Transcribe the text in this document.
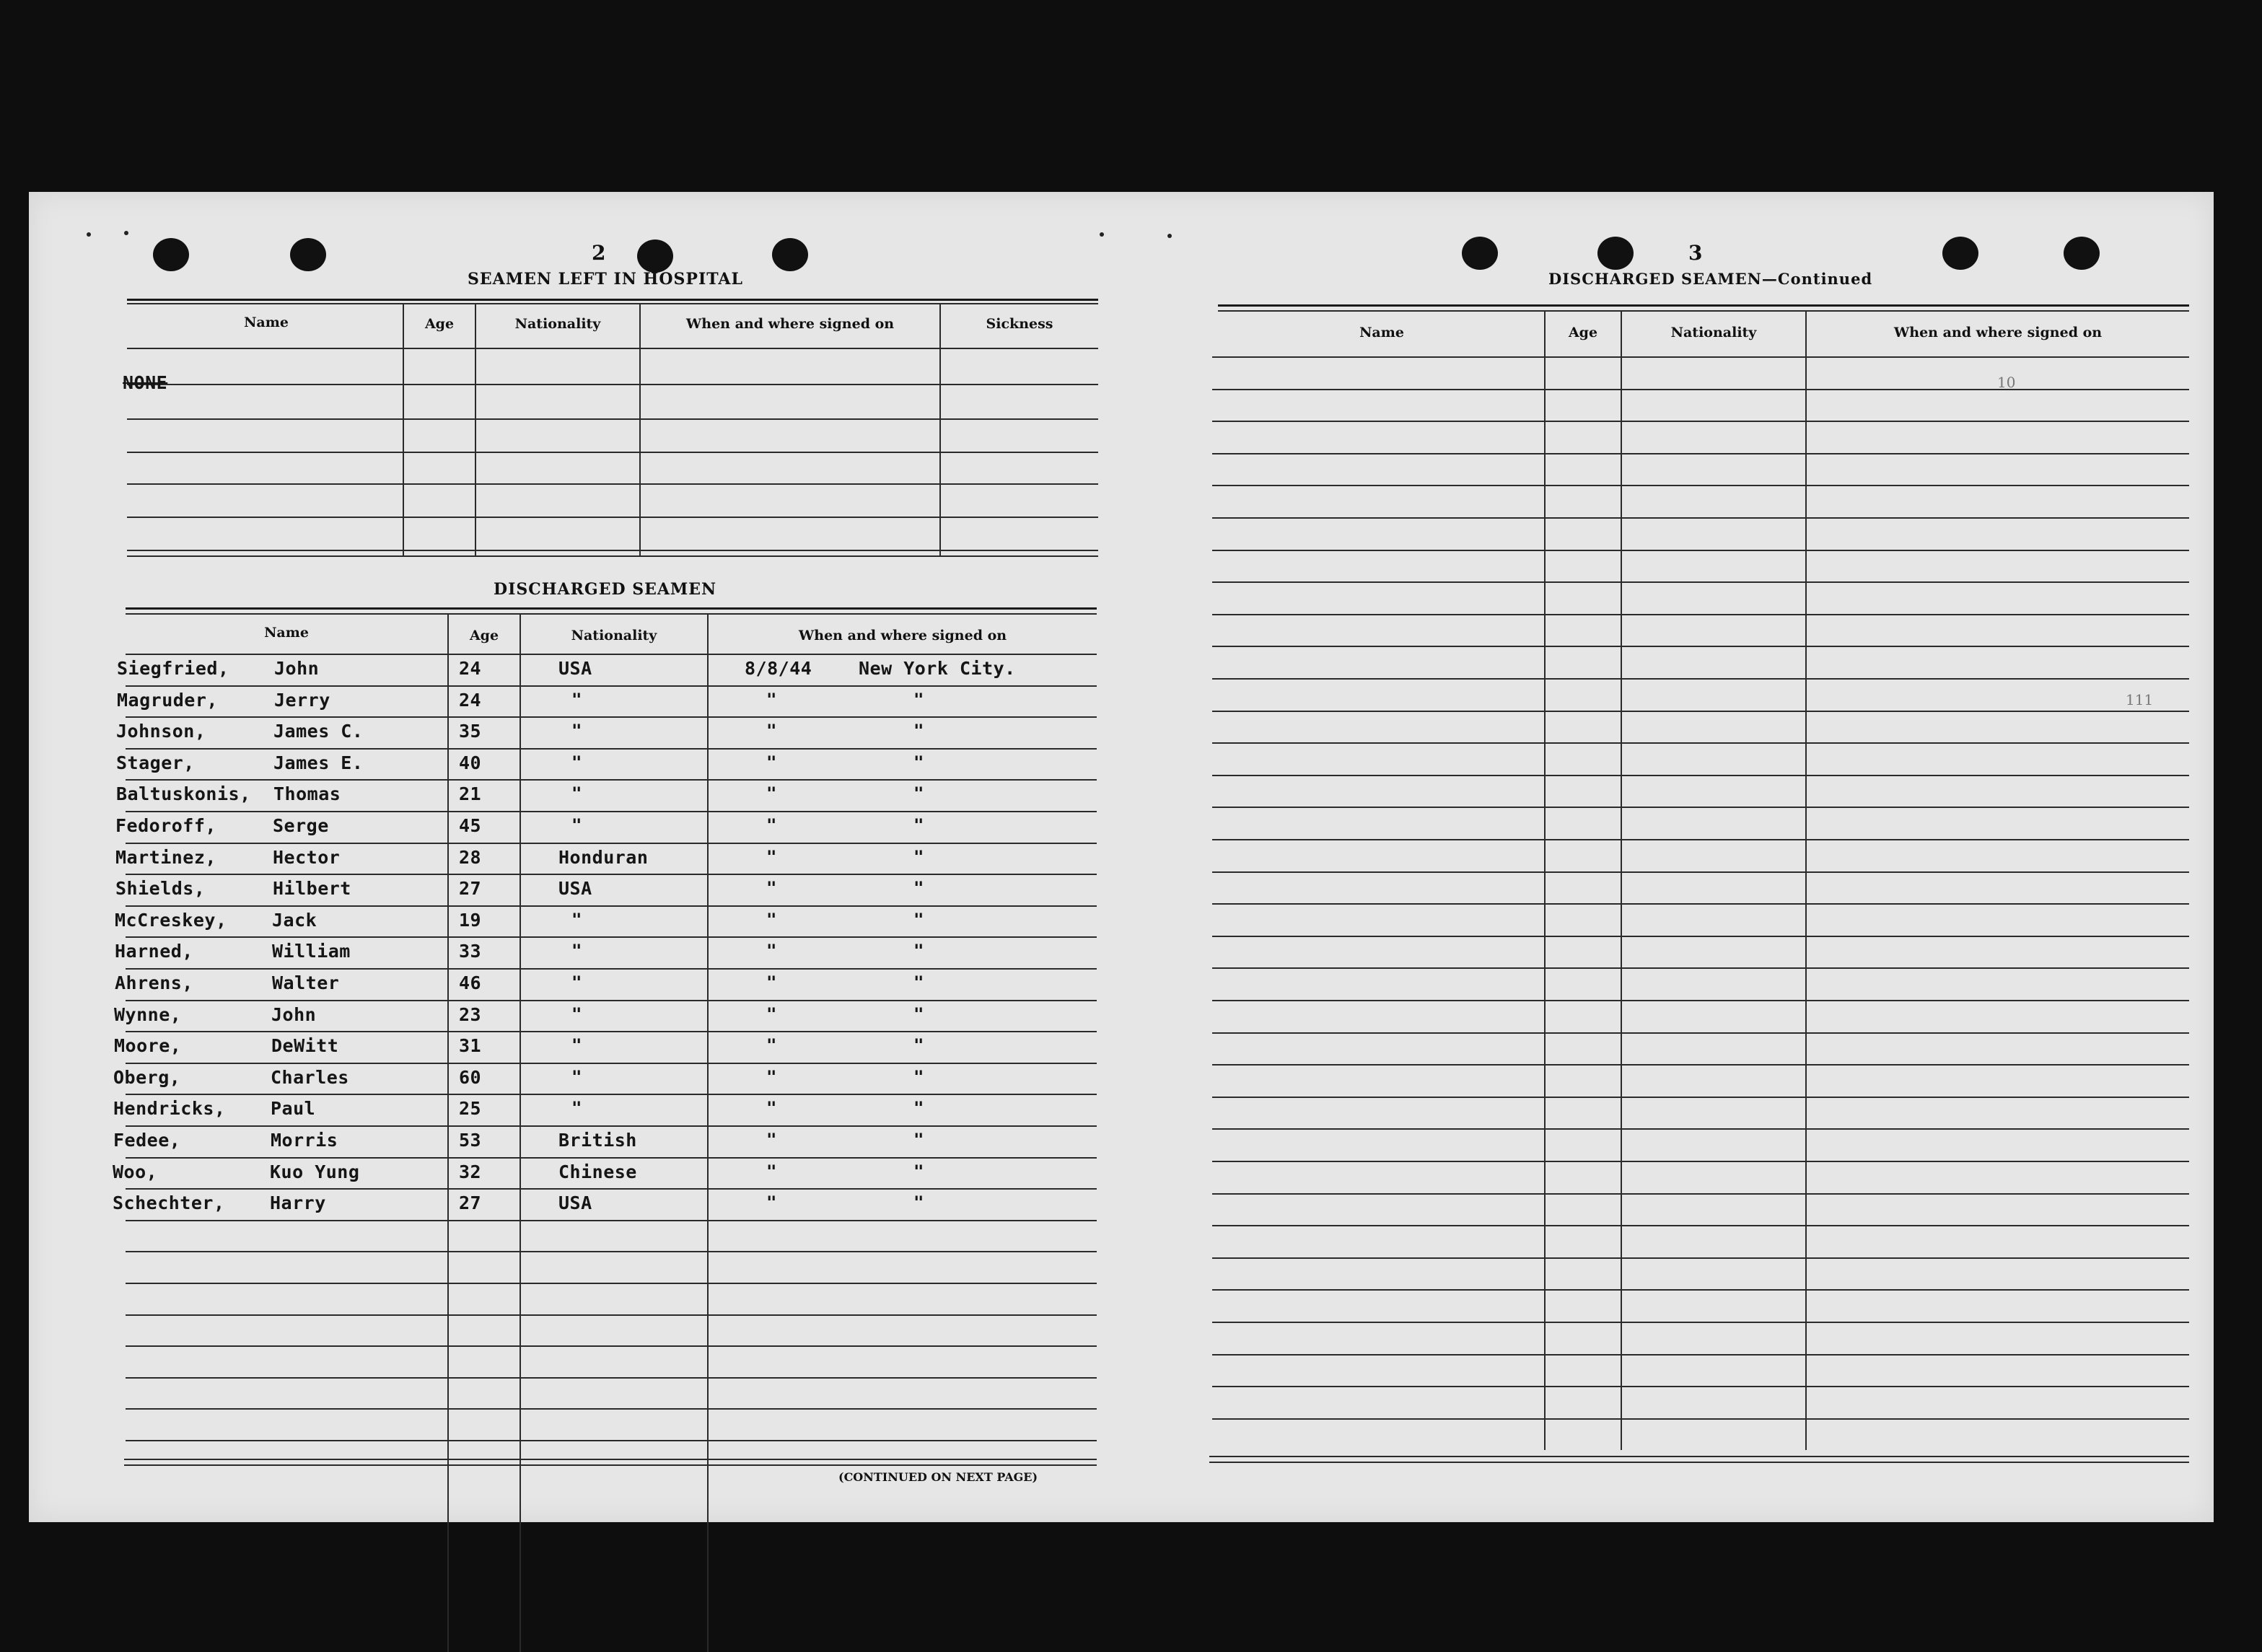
2
SEAMEN LEFT IN HOSPITAL
Name	Age	Nationality	When and where signed on	Sickness
NONE
DISCHARGED SEAMEN
Name	Age	Nationality	When and where signed on
Siegfried, John	24	USA	8/8/44	New York City.
Magruder,	Jerry	24	"	"	"
Johnson,	James C.	35	"	"	"
Stager,	James E.	40	"	"	"
Baltuskonis, Thomas	21	"	"	"
Fedoroff,	Serge	45	"	"	"
Martinez,	Hector	28	Honduran	"	"
Shields,	Hilbert	27	USA	"	"
McCreskey, Jack	19	"	"	"
Harned,	William	33	"	"	"
Ahrens,	Walter	46	"	"	"
Wynne,	John	23	"	"	"
Moore,	DeWitt	31	"	"	"
Oberg,	Charles	60	"	"	"
Hendricks, Paul	25	"	"	"
Fedee,	Morris	53	British	"	"
Woo,	Kuo Yung	32	Chinese	"	"
Schechter, Harry	27	USA	"	"
(CONTINUED ON NEXT PAGE)
3
DISCHARGED SEAMEN—Continued
Name	Age	Nationality	When and where signed on
10
111
